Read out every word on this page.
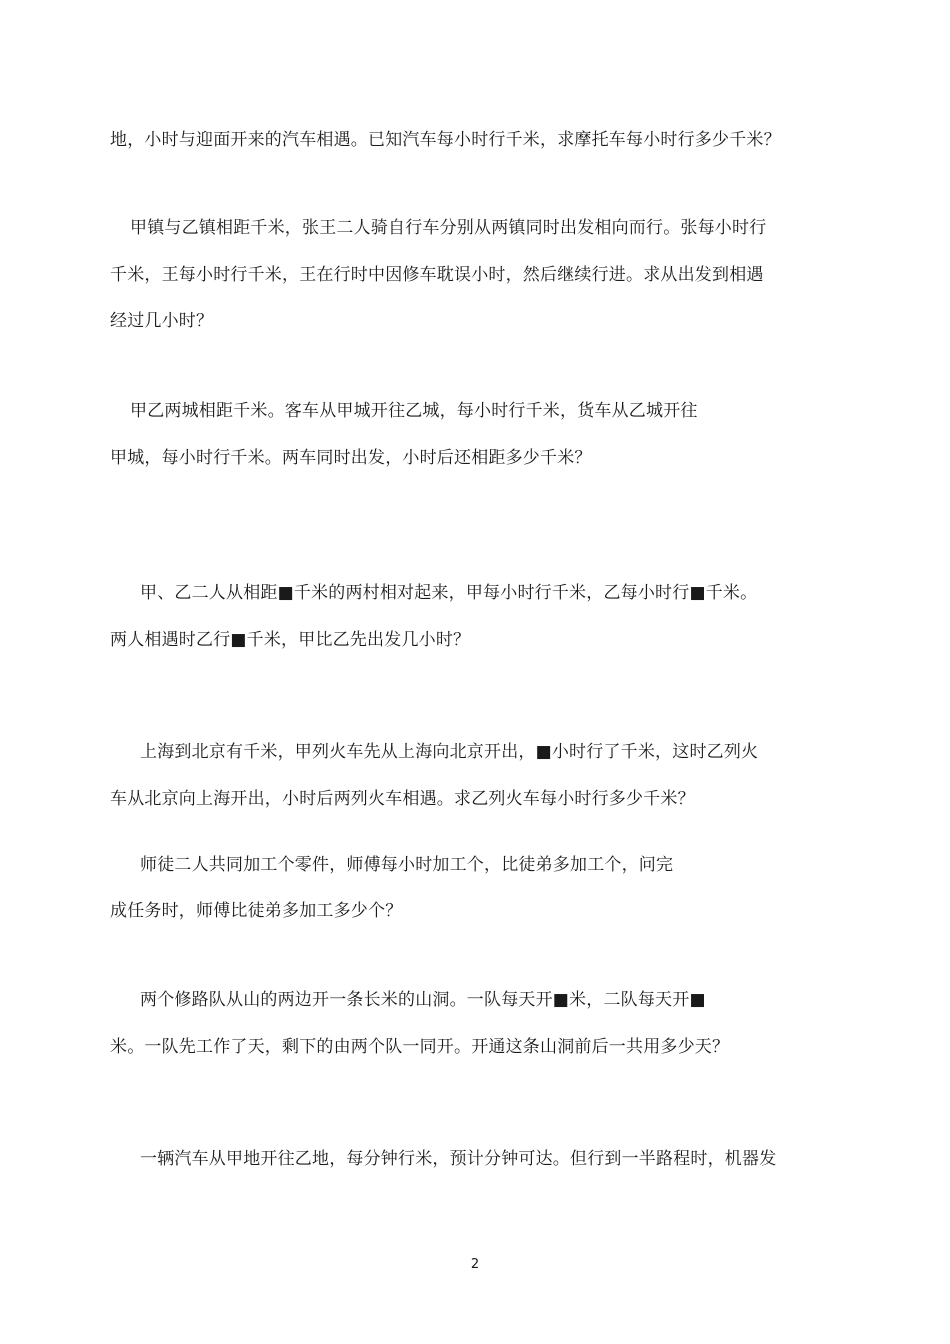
地，小时与迎面开来的汽车相遇。已知汽车每小时行千米，求摩托车每小时行多少千米？
甲镇与乙镇相距千米，张王二人骑自行车分别从两镇同时出发相向而行。张每小时行
千米，王每小时行千米，王在行时中因修车耽误小时，然后继续行进。求从出发到相遇
经过几小时？
甲乙两城相距千米。客车从甲城开往乙城，每小时行千米，货车从乙城开往
甲城，每小时行千米。两车同时出发，小时后还相距多少千米？
甲、乙二人从相距■千米的两村相对起来，甲每小时行千米，乙每小时行■千米。
两人相遇时乙行■千米，甲比乙先出发几小时？
上海到北京有千米，甲列火车先从上海向北京开出，■小时行了千米，这时乙列火
车从北京向上海开出，小时后两列火车相遇。求乙列火车每小时行多少千米？
师徒二人共同加工个零件，师傅每小时加工个，比徒弟多加工个，问完
成任务时，师傅比徒弟多加工多少个？
两个修路队从山的两边开一条长米的山洞。一队每天开■米，二队每天开■
米。一队先工作了天，剩下的由两个队一同开。开通这条山洞前后一共用多少天？
一辆汽车从甲地开往乙地，每分钟行米，预计分钟可达。但行到一半路程时，机器发
2
